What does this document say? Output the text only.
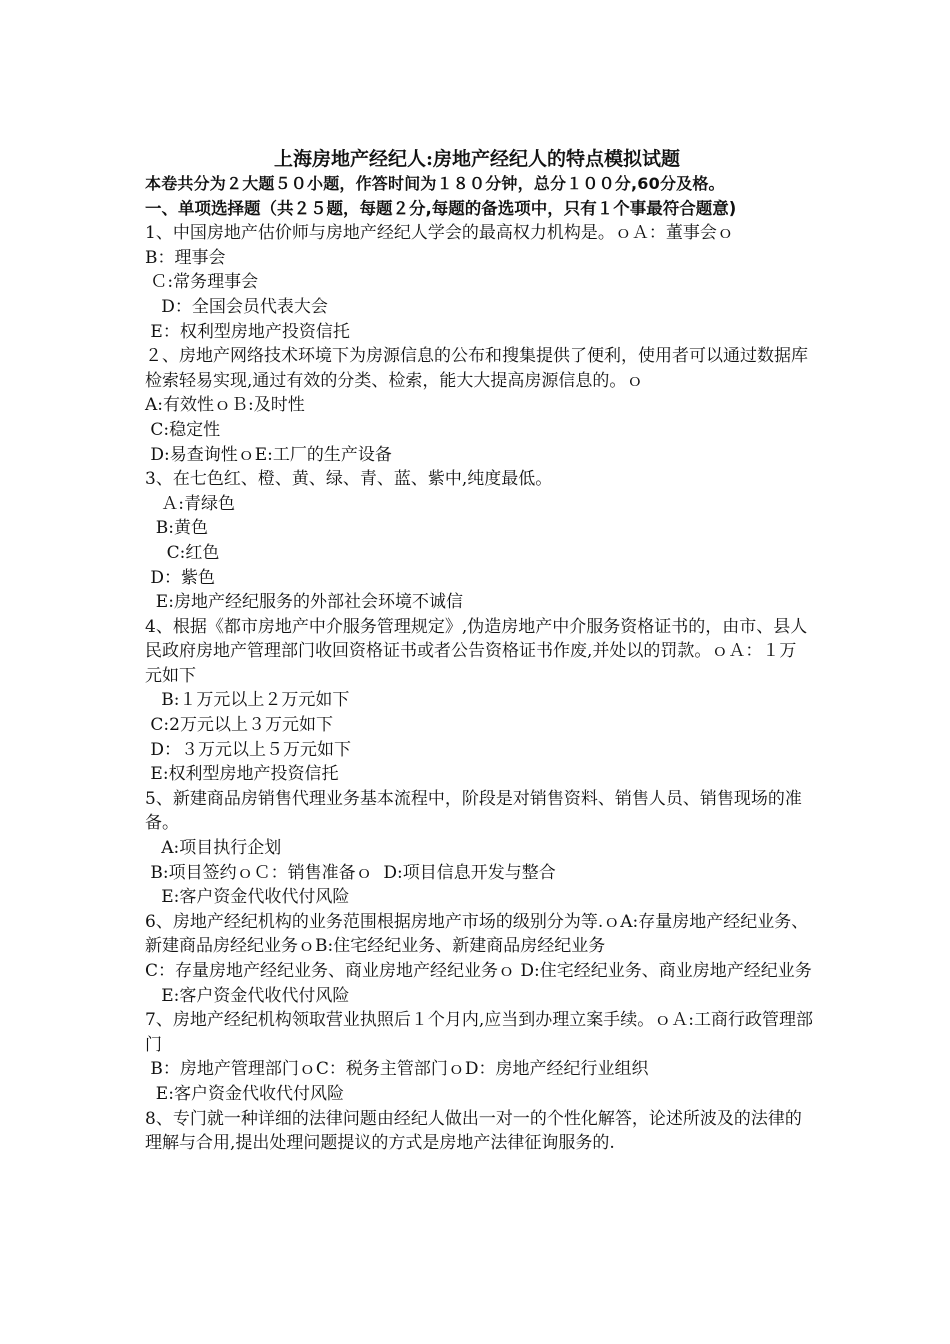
上海房地产经纪人:房地产经纪人的特点模拟试题

本卷共分为２大题５０小题，作答时间为１８０分钟，总分１００分,60分及格。

一、单项选择题（共２５题，每题２分,每题的备选项中，只有１个事最符合题意)

1、中国房地产估价师与房地产经纪人学会的最高权力机构是。ｏＡ：董事会ｏ

B：理事会

Ｃ:常务理事会

D：全国会员代表大会

E：权利型房地产投资信托

２、房地产网络技术环境下为房源信息的公布和搜集提供了便利，使用者可以通过数据库检索轻易实现,通过有效的分类、检索，能大大提高房源信息的。ｏ

A:有效性ｏＢ:及时性

C:稳定性

D:易查询性ｏE:工厂的生产设备

3、在七色红、橙、黄、绿、青、蓝、紫中,纯度最低。

Ａ:青绿色

B:黄色

C:红色

D：紫色

E:房地产经纪服务的外部社会环境不诚信

4、根据《都市房地产中介服务管理规定》,伪造房地产中介服务资格证书的，由市、县人民政府房地产管理部门收回资格证书或者公告资格证书作废,并处以的罚款。ｏＡ：１万元如下

B:１万元以上２万元如下

C:2万元以上３万元如下

D：３万元以上５万元如下

E:权利型房地产投资信托

5、新建商品房销售代理业务基本流程中，阶段是对销售资料、销售人员、销售现场的准备。

A:项目执行企划

B:项目签约ｏＣ：销售准备ｏ  D:项目信息开发与整合

E:客户资金代收代付风险

6、房地产经纪机构的业务范围根据房地产市场的级别分为等.ｏA:存量房地产经纪业务、新建商品房经纪业务ｏB:住宅经纪业务、新建商品房经纪业务

C：存量房地产经纪业务、商业房地产经纪业务ｏ D:住宅经纪业务、商业房地产经纪业务

E:客户资金代收代付风险

7、房地产经纪机构领取营业执照后１个月内,应当到办理立案手续。ｏＡ:工商行政管理部门

B：房地产管理部门ｏC：税务主管部门ｏD：房地产经纪行业组织

E:客户资金代收代付风险

8、专门就一种详细的法律问题由经纪人做出一对一的个性化解答，论述所波及的法律的理解与合用,提出处理问题提议的方式是房地产法律征询服务的.
